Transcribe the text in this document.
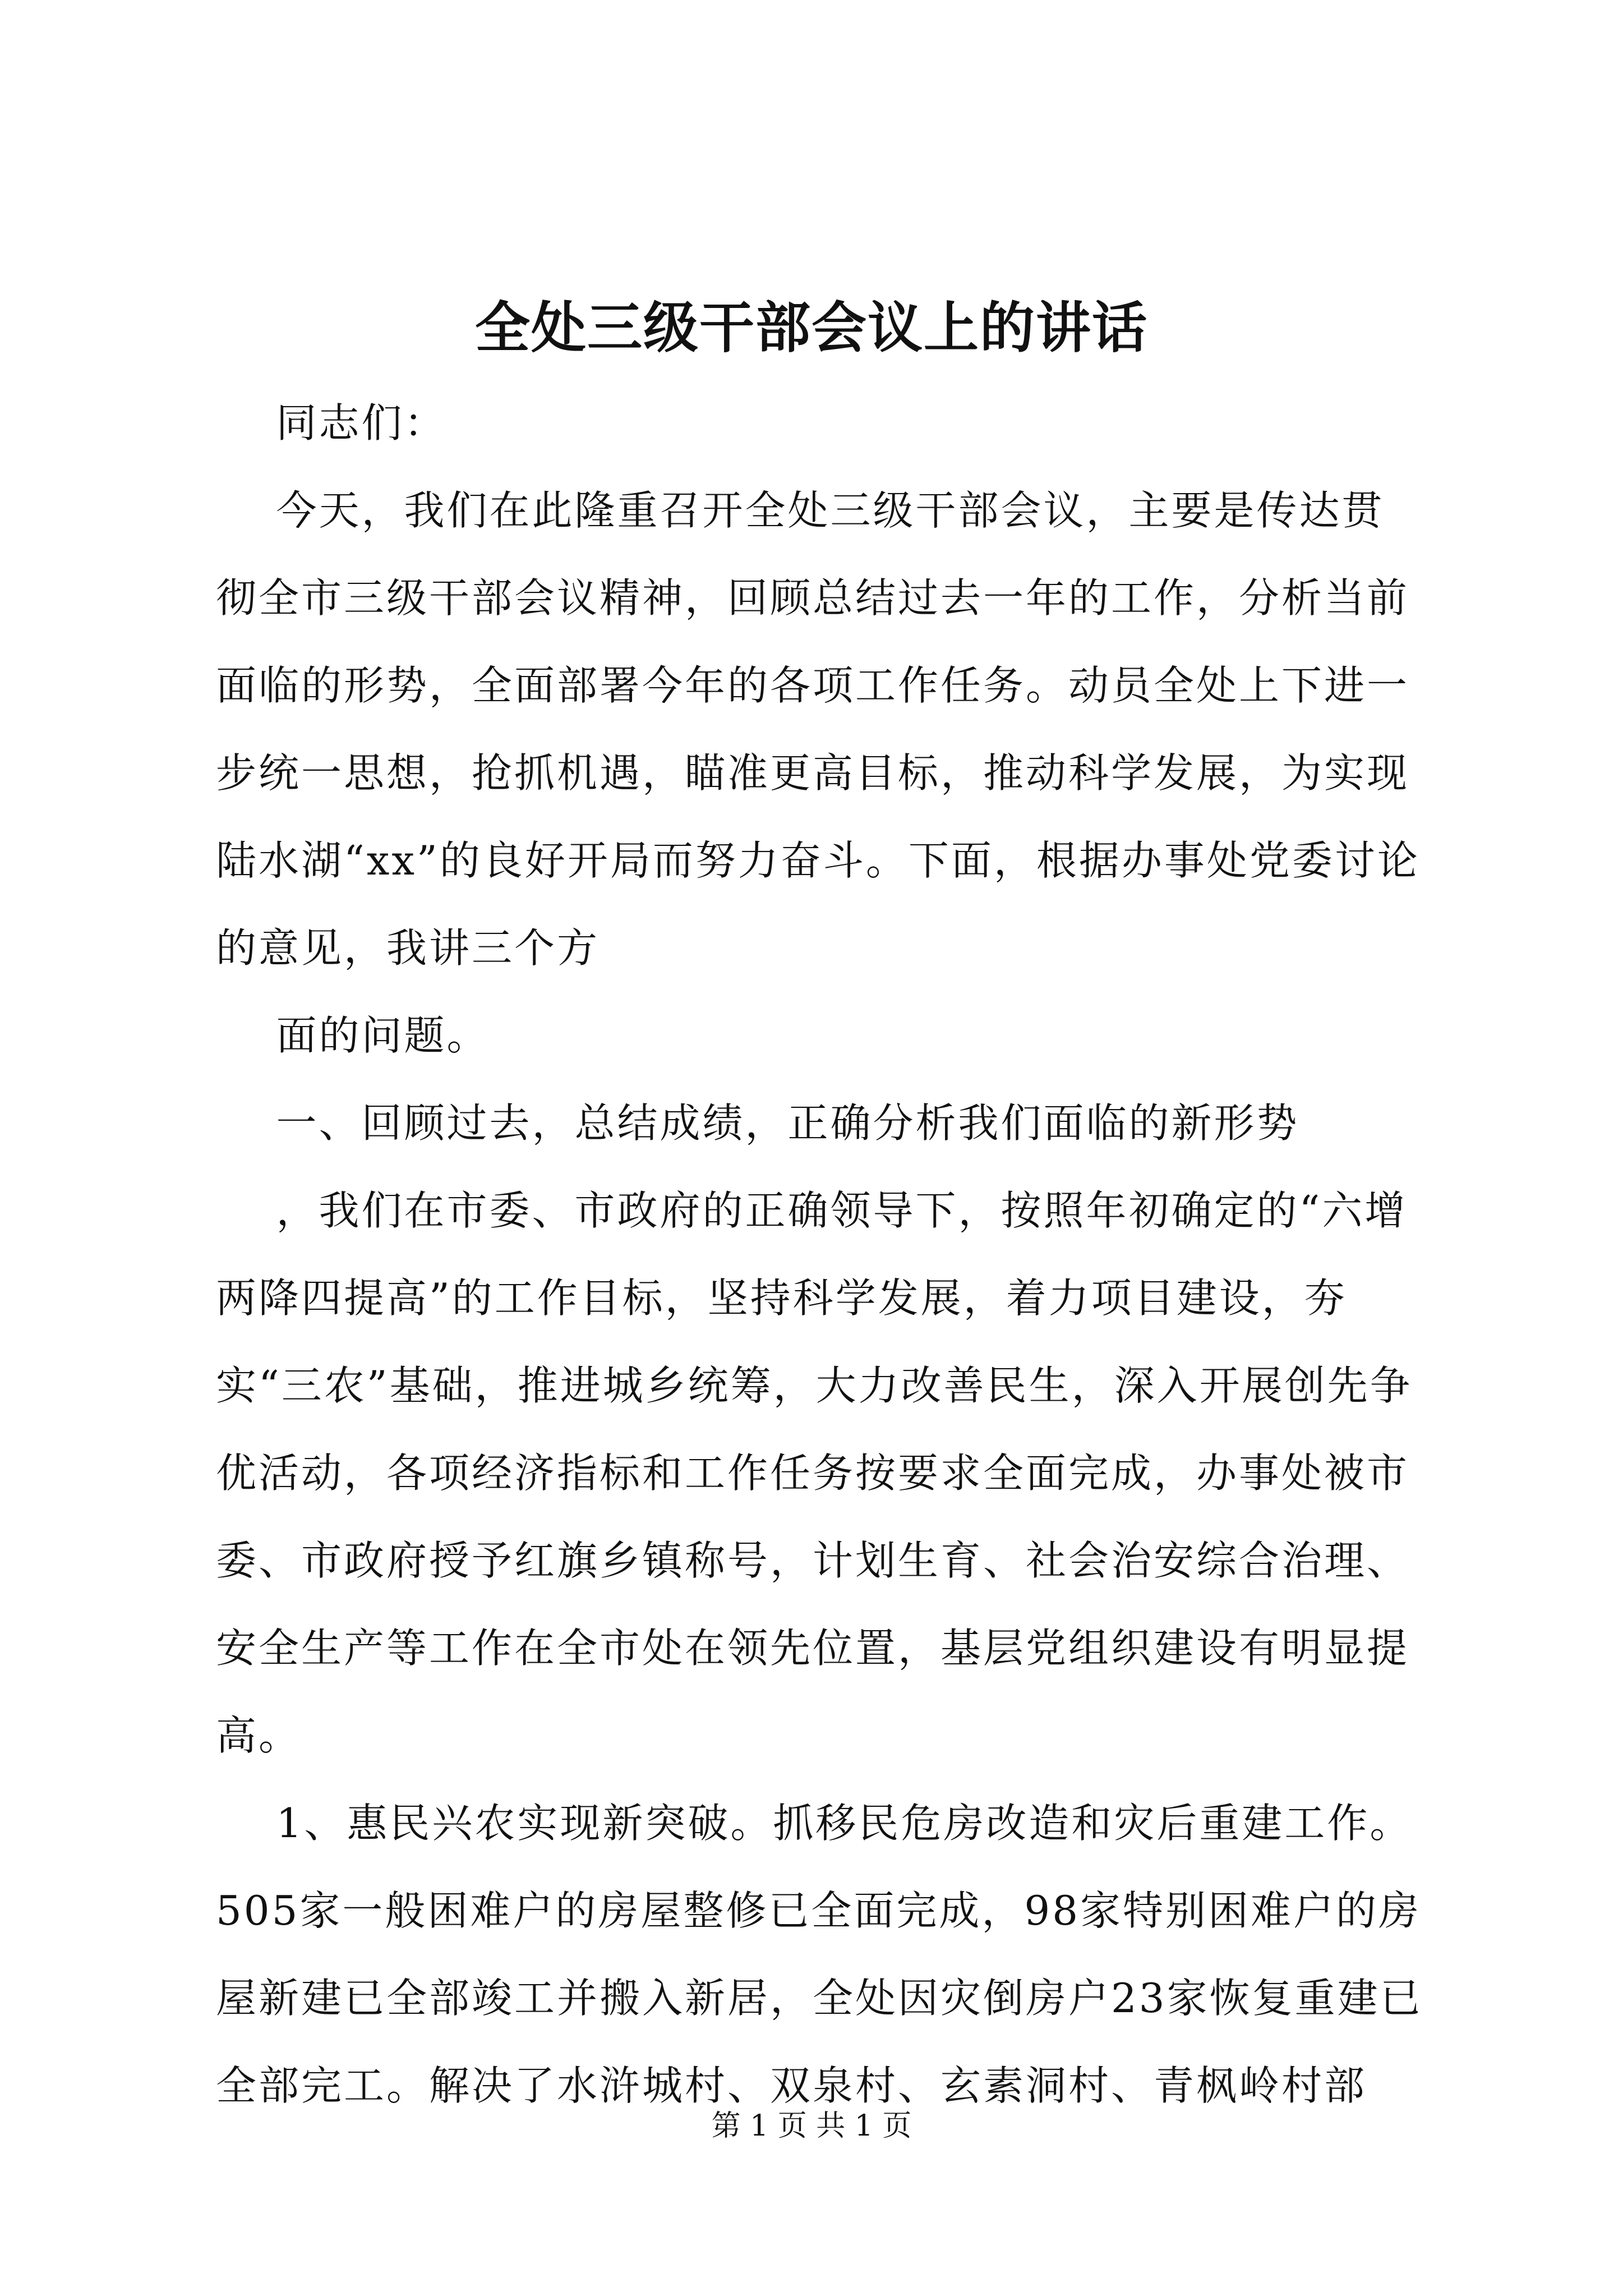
全处三级干部会议上的讲话

同志们：

今天，我们在此隆重召开全处三级干部会议，主要是传达贯彻全市三级干部会议精神，回顾总结过去一年的工作，分析当前面临的形势，全面部署今年的各项工作任务。动员全处上下进一步统一思想，抢抓机遇，瞄准更高目标，推动科学发展，为实现陆水湖“xx”的良好开局而努力奋斗。下面，根据办事处党委讨论的意见，我讲三个方

面的问题。

一、回顾过去，总结成绩，正确分析我们面临的新形势

，我们在市委、市政府的正确领导下，按照年初确定的“六增两降四提高”的工作目标，坚持科学发展，着力项目建设，夯实“三农”基础，推进城乡统筹，大力改善民生，深入开展创先争优活动，各项经济指标和工作任务按要求全面完成，办事处被市委、市政府授予红旗乡镇称号，计划生育、社会治安综合治理、安全生产等工作在全市处在领先位置，基层党组织建设有明显提高。

1、惠民兴农实现新突破。抓移民危房改造和灾后重建工作。505家一般困难户的房屋整修已全面完成，98家特别困难户的房屋新建已全部竣工并搬入新居，全处因灾倒房户23家恢复重建已全部完工。解决了水浒城村、双泉村、玄素洞村、青枫岭村部

第 1 页 共 1 页
